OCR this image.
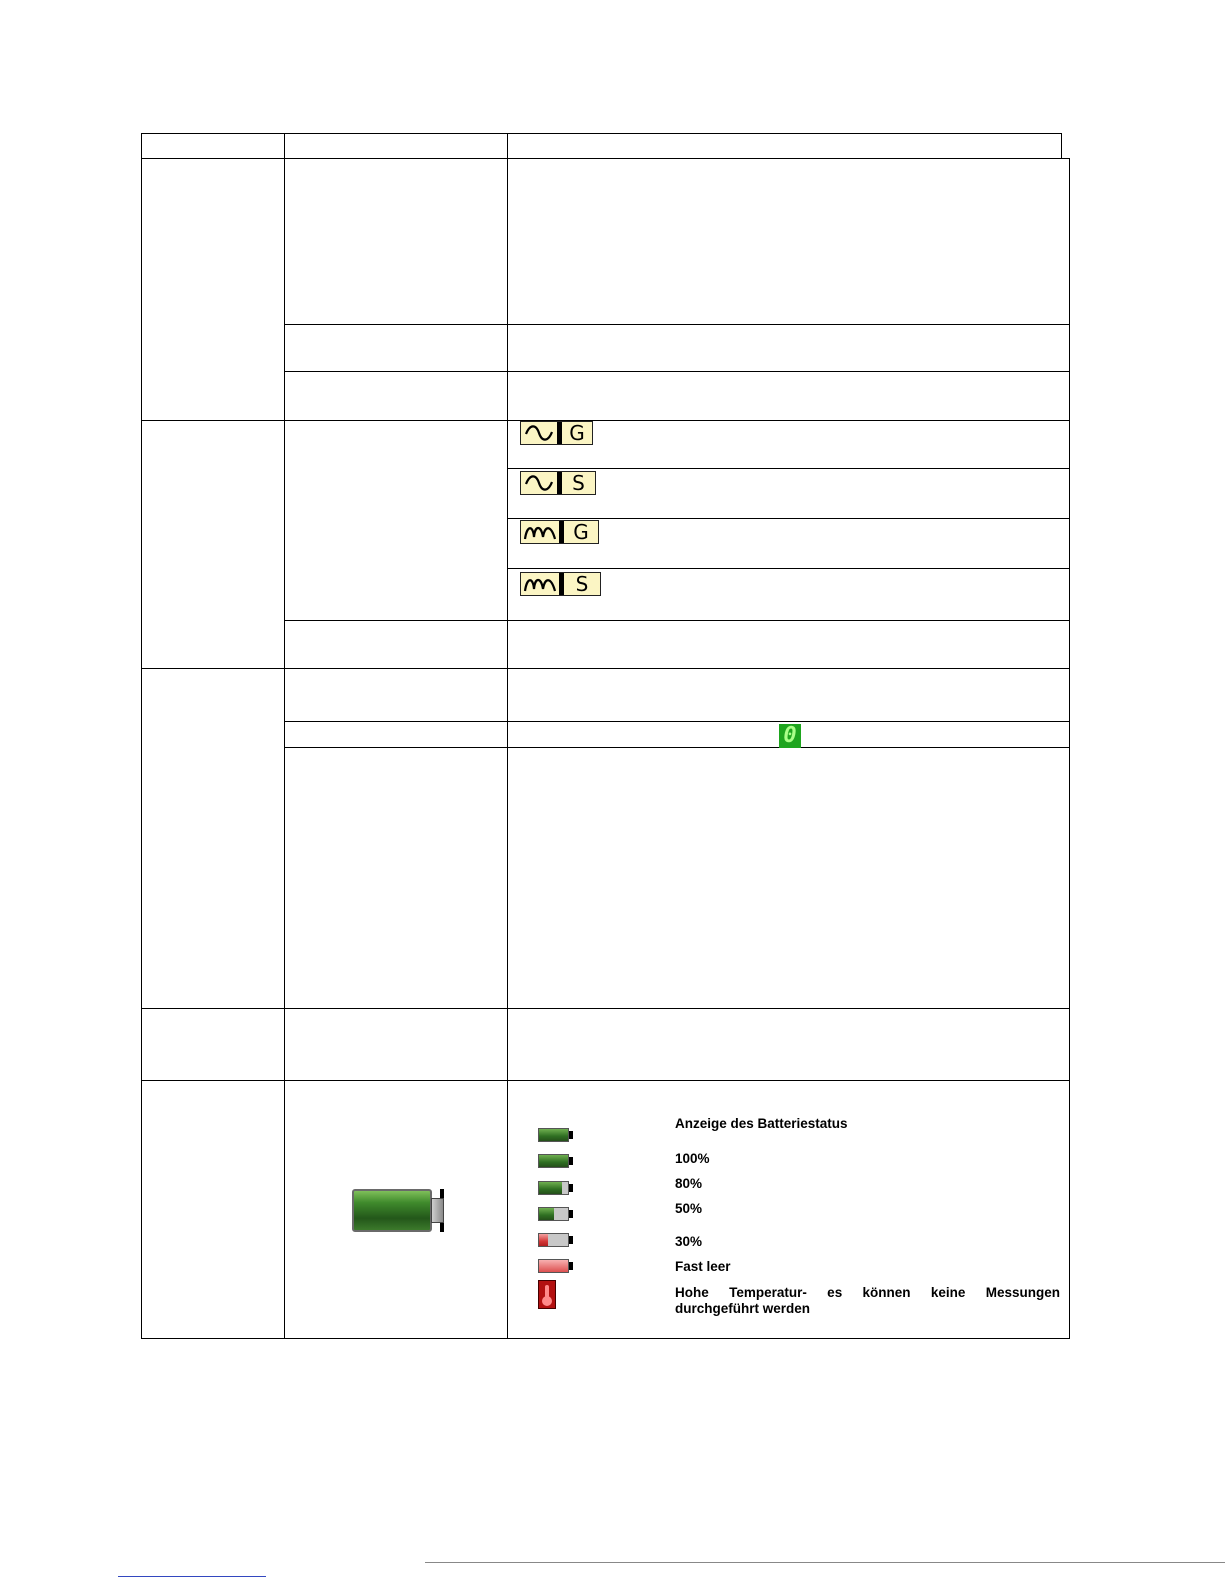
G
S
G
S
0
Anzeige des Batteriestatus
100%
80%
50%
30%
Fast leer
Hohe Temperatur- es können keine Messungen durchgeführt werden
